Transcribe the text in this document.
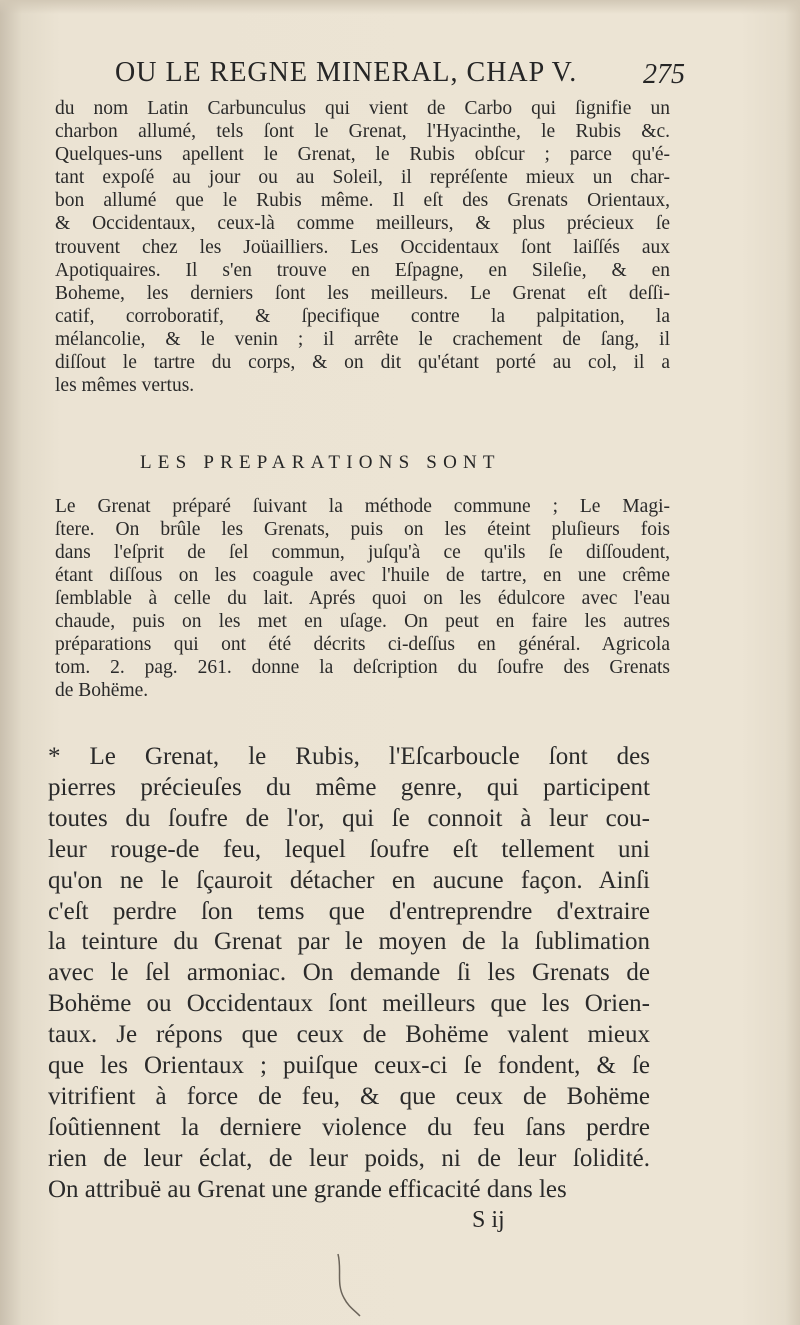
OU LE REGNE MINERAL, CHAP V. 275
du nom Latin Carbunculus qui vient de Carbo qui ſignifie un
charbon allumé, tels ſont le Grenat, l'Hyacinthe, le Rubis &c.
Quelques-uns apellent le Grenat, le Rubis obſcur ; parce qu'é-
tant expoſé au jour ou au Soleil, il repréſente mieux un char-
bon allumé que le Rubis même. Il eſt des Grenats Orientaux,
& Occidentaux, ceux-là comme meilleurs, & plus précieux ſe
trouvent chez les Joüailliers. Les Occidentaux ſont laiſſés aux
Apotiquaires. Il s'en trouve en Eſpagne, en Sileſie, & en
Boheme, les derniers ſont les meilleurs. Le Grenat eſt deſſi-
catif, corroboratif, & ſpecifique contre la palpitation, la
mélancolie, & le venin ; il arrête le crachement de ſang, il
diſſout le tartre du corps, & on dit qu'étant porté au col, il a
les mêmes vertus.
LES PREPARATIONS SONT
Le Grenat préparé ſuivant la méthode commune ; Le Magi-
ſtere. On brûle les Grenats, puis on les éteint pluſieurs fois
dans l'eſprit de ſel commun, juſqu'à ce qu'ils ſe diſſoudent,
étant diſſous on les coagule avec l'huile de tartre, en une crême
ſemblable à celle du lait. Aprés quoi on les édulcore avec l'eau
chaude, puis on les met en uſage. On peut en faire les autres
préparations qui ont été décrits ci-deſſus en général. Agricola
tom. 2. pag. 261. donne la deſcription du ſoufre des Grenats
de Bohëme.
* Le Grenat, le Rubis, l'Eſcarboucle ſont des
pierres précieuſes du même genre, qui participent
toutes du ſoufre de l'or, qui ſe connoit à leur cou-
leur rouge-de feu, lequel ſoufre eſt tellement uni
qu'on ne le ſçauroit détacher en aucune façon. Ainſi
c'eſt perdre ſon tems que d'entreprendre d'extraire
la teinture du Grenat par le moyen de la ſublimation
avec le ſel armoniac. On demande ſi les Grenats de
Bohëme ou Occidentaux ſont meilleurs que les Orien-
taux. Je répons que ceux de Bohëme valent mieux
que les Orientaux ; puiſque ceux-ci ſe fondent, & ſe
vitrifient à force de feu, & que ceux de Bohëme
ſoûtiennent la derniere violence du feu ſans perdre
rien de leur éclat, de leur poids, ni de leur ſolidité.
On attribuë au Grenat une grande efficacité dans les
S ij
